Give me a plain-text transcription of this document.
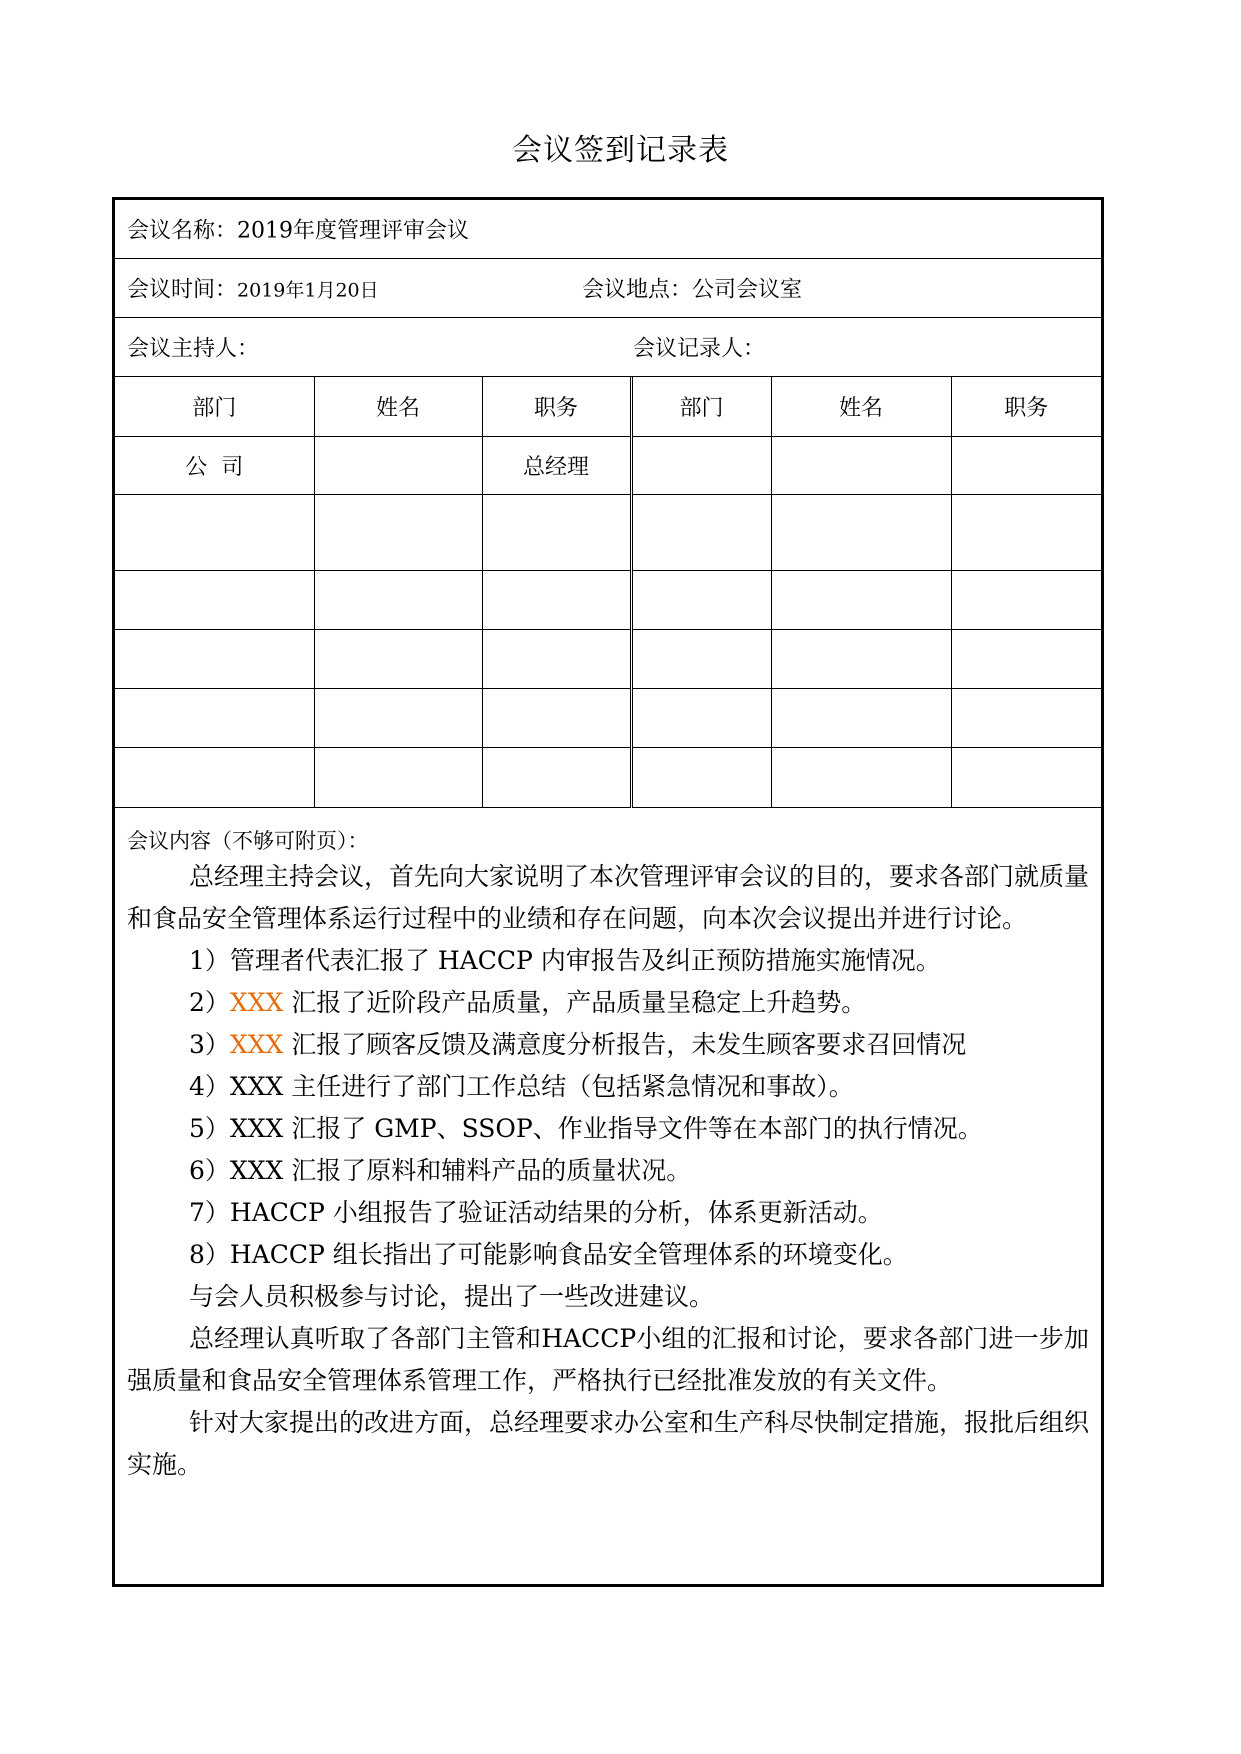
会议签到记录表
会议名称：2019年度管理评审会议
会议时间：2019年1月20日	会议地点：公司会议室
会议主持人：	会议记录人：
部门	姓名	职务	部门	姓名	职务
公  司		总经理			

会议内容（不够可附页）：

总经理主持会议，首先向大家说明了本次管理评审会议的目的，要求各部门就质量和食品安全管理体系运行过程中的业绩和存在问题，向本次会议提出并进行讨论。

1）管理者代表汇报了 HACCP 内审报告及纠正预防措施实施情况。

2）XXX 汇报了近阶段产品质量，产品质量呈稳定上升趋势。

3）XXX 汇报了顾客反馈及满意度分析报告，未发生顾客要求召回情况

4）XXX 主任进行了部门工作总结（包括紧急情况和事故）。

5）XXX 汇报了 GMP、SSOP、作业指导文件等在本部门的执行情况。

6）XXX 汇报了原料和辅料产品的质量状况。

7）HACCP 小组报告了验证活动结果的分析，体系更新活动。

8）HACCP 组长指出了可能影响食品安全管理体系的环境变化。

与会人员积极参与讨论，提出了一些改进建议。

总经理认真听取了各部门主管和HACCP小组的汇报和讨论，要求各部门进一步加强质量和食品安全管理体系管理工作，严格执行已经批准发放的有关文件。

针对大家提出的改进方面，总经理要求办公室和生产科尽快制定措施，报批后组织实施。
